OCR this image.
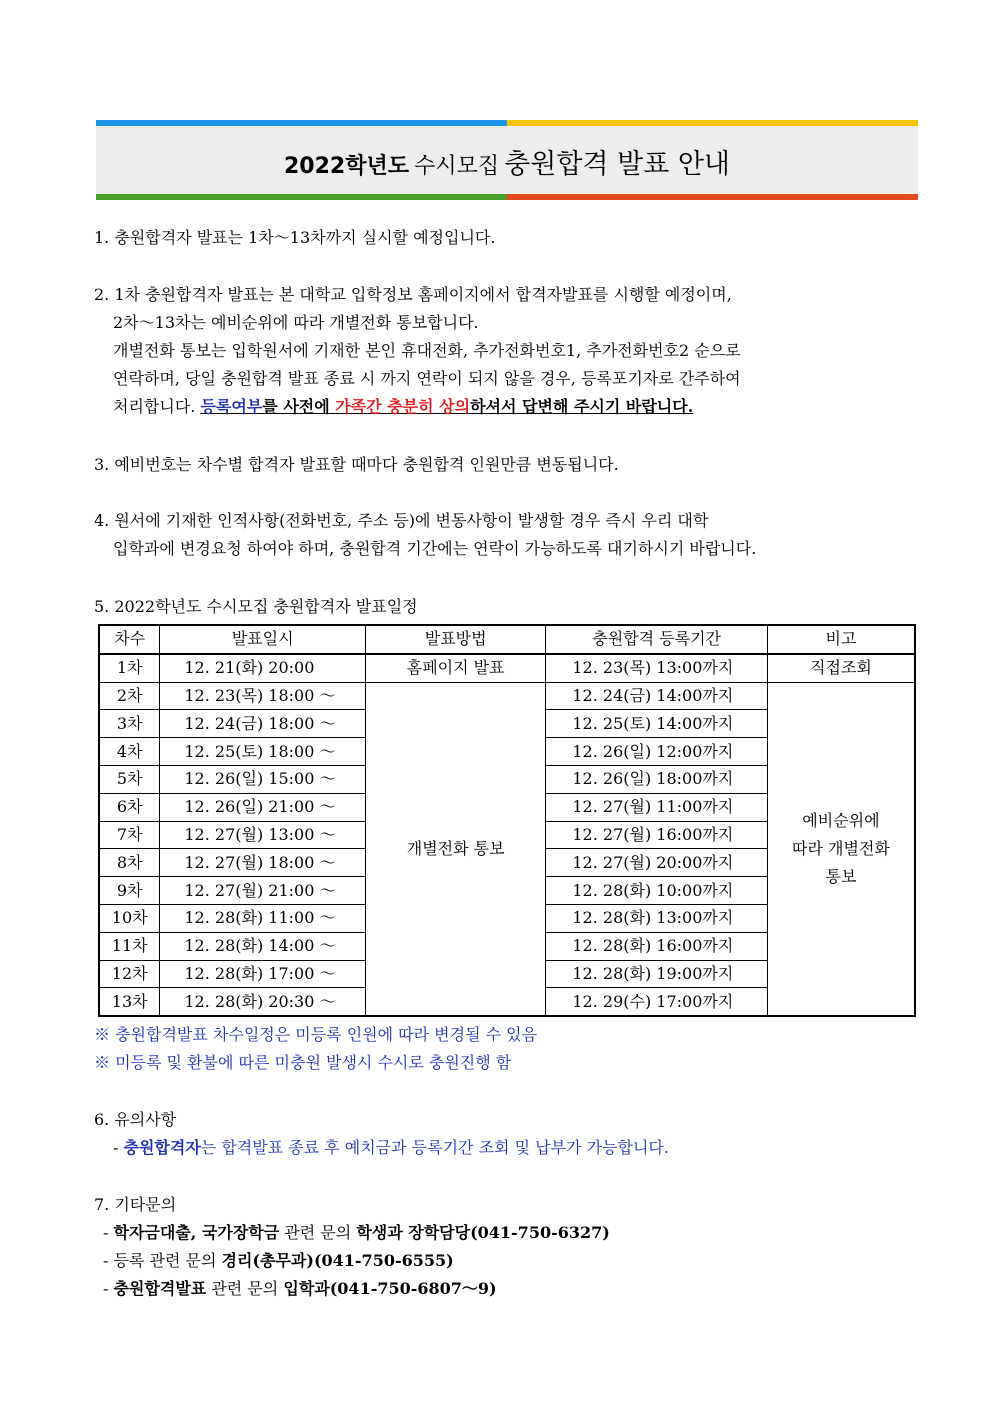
2022학년도 수시모집 충원합격 발표 안내
1. 충원합격자 발표는 1차～13차까지 실시할 예정입니다.
2. 1차 충원합격자 발표는 본 대학교 입학정보 홈페이지에서 합격자발표를 시행할 예정이며,
2차～13차는 예비순위에 따라 개별전화 통보합니다.
개별전화 통보는 입학원서에 기재한 본인 휴대전화, 추가전화번호1, 추가전화번호2 순으로
연락하며, 당일 충원합격 발표 종료 시 까지 연락이 되지 않을 경우, 등록포기자로 간주하여
처리합니다. 등록여부를 사전에 가족간 충분히 상의하셔서 답변해 주시기 바랍니다.
3. 예비번호는 차수별 합격자 발표할 때마다 충원합격 인원만큼 변동됩니다.
4. 원서에 기재한 인적사항(전화번호, 주소 등)에 변동사항이 발생할 경우 즉시 우리 대학
입학과에 변경요청 하여야 하며, 충원합격 기간에는 연락이 가능하도록 대기하시기 바랍니다.
5. 2022학년도 수시모집 충원합격자 발표일정
차수	발표일시	발표방법	충원합격 등록기간	비고
1차	12. 21(화) 20:00	홈페이지 발표	12. 23(목) 13:00까지	직접조회
2차	12. 23(목) 18:00 ～	개별전화 통보	12. 24(금) 14:00까지	예비순위에
따라 개별전화
통보
3차	12. 24(금) 18:00 ～		12. 25(토) 14:00까지	
4차	12. 25(토) 18:00 ～		12. 26(일) 12:00까지	
5차	12. 26(일) 15:00 ～		12. 26(일) 18:00까지	
6차	12. 26(일) 21:00 ～		12. 27(월) 11:00까지	
7차	12. 27(월) 13:00 ～		12. 27(월) 16:00까지	
8차	12. 27(월) 18:00 ～		12. 27(월) 20:00까지	
9차	12. 27(월) 21:00 ～		12. 28(화) 10:00까지	
10차	12. 28(화) 11:00 ～		12. 28(화) 13:00까지	
11차	12. 28(화) 14:00 ～		12. 28(화) 16:00까지	
12차	12. 28(화) 17:00 ～		12. 28(화) 19:00까지	
13차	12. 28(화) 20:30 ～		12. 29(수) 17:00까지	
※ 충원합격발표 차수일정은 미등록 인원에 따라 변경될 수 있음
※ 미등록 및 환불에 따른 미충원 발생시 수시로 충원진행 함
6. 유의사항
- 충원합격자는 합격발표 종료 후 예치금과 등록기간 조회 및 납부가 가능합니다.
7. 기타문의
- 학자금대출, 국가장학금 관련 문의 학생과 장학담당(041-750-6327)
- 등록 관련 문의 경리(총무과)(041-750-6555)
- 충원합격발표 관련 문의 입학과(041-750-6807～9)
